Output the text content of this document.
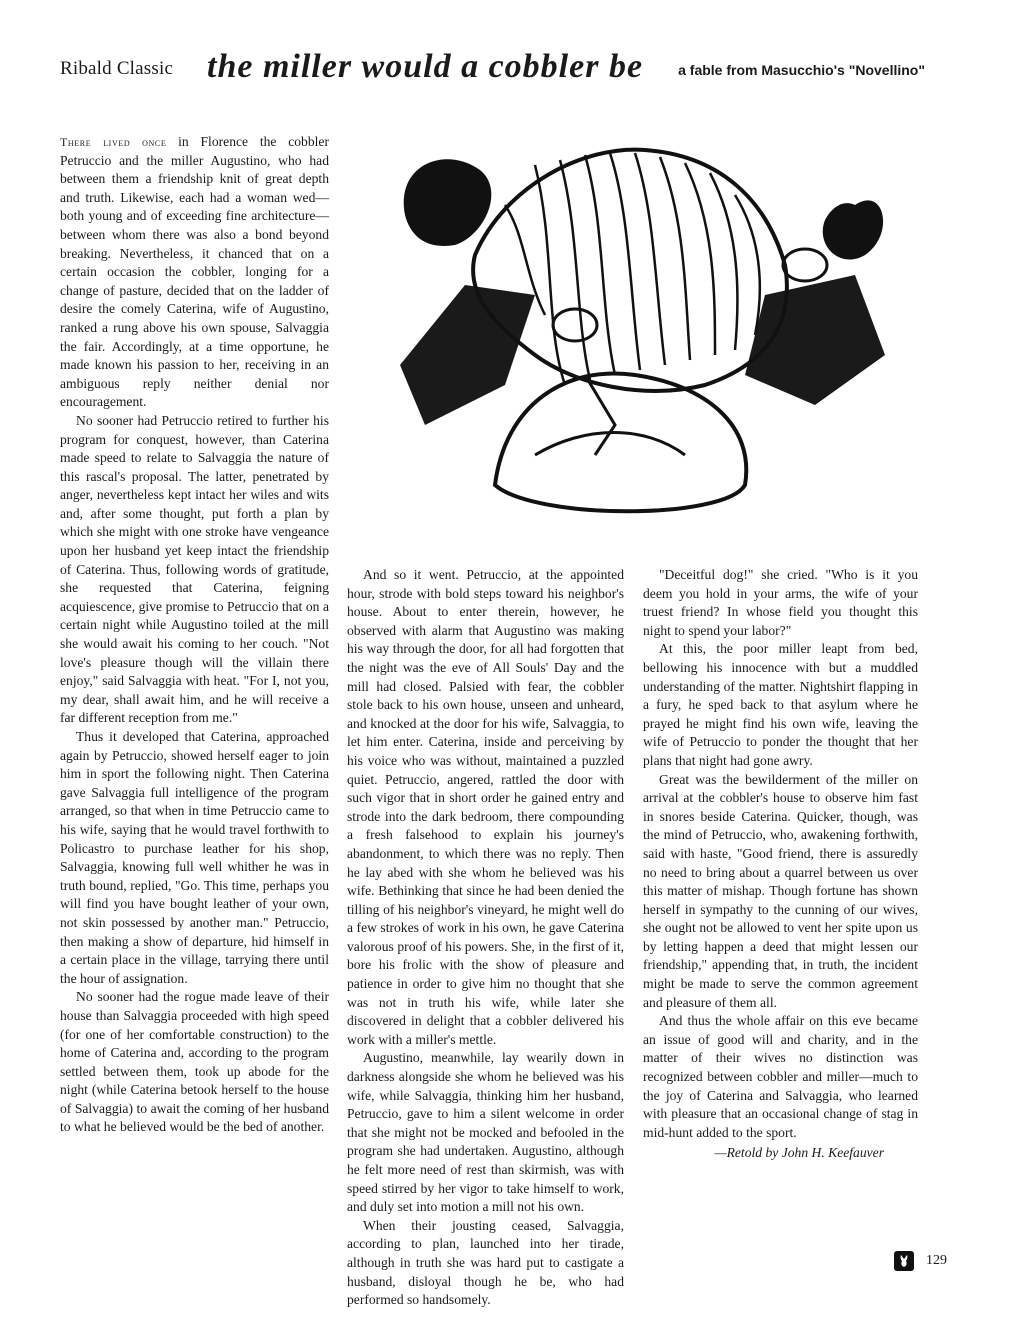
Ribald Classic the miller would a cobbler be	a fable from Masucchio's "Novellino"

There lived once in Florence the cobbler Petruccio and the miller Augustino, who had between them a friendship knit of great depth and truth. Likewise, each had a woman wed—both young and of exceeding fine architecture—between whom there was also a bond beyond breaking. Nevertheless, it chanced that on a certain occasion the cobbler, longing for a change of pasture, decided that on the ladder of desire the comely Caterina, wife of Augustino, ranked a rung above his own spouse, Salvaggia the fair. Accordingly, at a time opportune, he made known his passion to her, receiving in an ambiguous reply neither denial nor encouragement.

No sooner had Petruccio retired to further his program for conquest, however, than Caterina made speed to relate to Salvaggia the nature of this rascal's proposal. The latter, penetrated by anger, nevertheless kept intact her wiles and wits and, after some thought, put forth a plan by which she might with one stroke have vengeance upon her husband yet keep intact the friendship of Caterina. Thus, following words of gratitude, she requested that Caterina, feigning acquiescence, give promise to Petruccio that on a certain night while Augustino toiled at the mill she would await his coming to her couch. "Not love's pleasure though will the villain there enjoy," said Salvaggia with heat. "For I, not you, my dear, shall await him, and he will receive a far different reception from me."

Thus it developed that Caterina, approached again by Petruccio, showed herself eager to join him in sport the following night. Then Caterina gave Salvaggia full intelligence of the program arranged, so that when in time Petruccio came to his wife, saying that he would travel forthwith to Policastro to purchase leather for his shop, Salvaggia, knowing full well whither he was in truth bound, replied, "Go. This time, perhaps you will find you have bought leather of your own, not skin possessed by another man." Petruccio, then making a show of departure, hid himself in a certain place in the village, tarrying there until the hour of assignation.

No sooner had the rogue made leave of their house than Salvaggia proceeded with high speed (for one of her comfortable construction) to the home of Caterina and, according to the program settled between them, took up abode for the night (while Caterina betook herself to the house of Salvaggia) to await the coming of her husband to what he believed would be the bed of another.

And so it went. Petruccio, at the appointed hour, strode with bold steps toward his neighbor's house. About to enter therein, however, he observed with alarm that Augustino was making his way through the door, for all had forgotten that the night was the eve of All Souls' Day and the mill had closed. Palsied with fear, the cobbler stole back to his own house, unseen and unheard, and knocked at the door for his wife, Salvaggia, to let him enter. Caterina, inside and perceiving by his voice who was without, maintained a puzzled quiet. Petruccio, angered, rattled the door with such vigor that in short order he gained entry and strode into the dark bedroom, there compounding a fresh falsehood to explain his journey's abandonment, to which there was no reply. Then he lay abed with she whom he believed was his wife. Bethinking that since he had been denied the tilling of his neighbor's vineyard, he might well do a few strokes of work in his own, he gave Caterina valorous proof of his powers. She, in the first of it, bore his frolic with the show of pleasure and patience in order to give him no thought that she was not in truth his wife, while later she discovered in delight that a cobbler delivered his work with a miller's mettle.

Augustino, meanwhile, lay wearily down in darkness alongside she whom he believed was his wife, while Salvaggia, thinking him her husband, Petruccio, gave to him a silent welcome in order that she might not be mocked and befooled in the program she had undertaken. Augustino, although he felt more need of rest than skirmish, was with speed stirred by her vigor to take himself to work, and duly set into motion a mill not his own.

When their jousting ceased, Salvaggia, according to plan, launched into her tirade, although in truth she was hard put to castigate a husband, disloyal though he be, who had performed so handsomely.

"Deceitful dog!" she cried. "Who is it you deem you hold in your arms, the wife of your truest friend? In whose field you thought this night to spend your labor?"

At this, the poor miller leapt from bed, bellowing his innocence with but a muddled understanding of the matter. Nightshirt flapping in a fury, he sped back to that asylum where he prayed he might find his own wife, leaving the wife of Petruccio to ponder the thought that her plans that night had gone awry.

Great was the bewilderment of the miller on arrival at the cobbler's house to observe him fast in snores beside Caterina. Quicker, though, was the mind of Petruccio, who, awakening forthwith, said with haste, "Good friend, there is assuredly no need to bring about a quarrel between us over this matter of mishap. Though fortune has shown herself in sympathy to the cunning of our wives, she ought not be allowed to vent her spite upon us by letting happen a deed that might lessen our friendship," appending that, in truth, the incident might be made to serve the common agreement and pleasure of them all.

And thus the whole affair on this eve became an issue of good will and charity, and in the matter of their wives no distinction was recognized between cobbler and miller—much to the joy of Caterina and Salvaggia, who learned with pleasure that an occasional change of stag in mid-hunt added to the sport.

—Retold by John H. Keefauver
129
